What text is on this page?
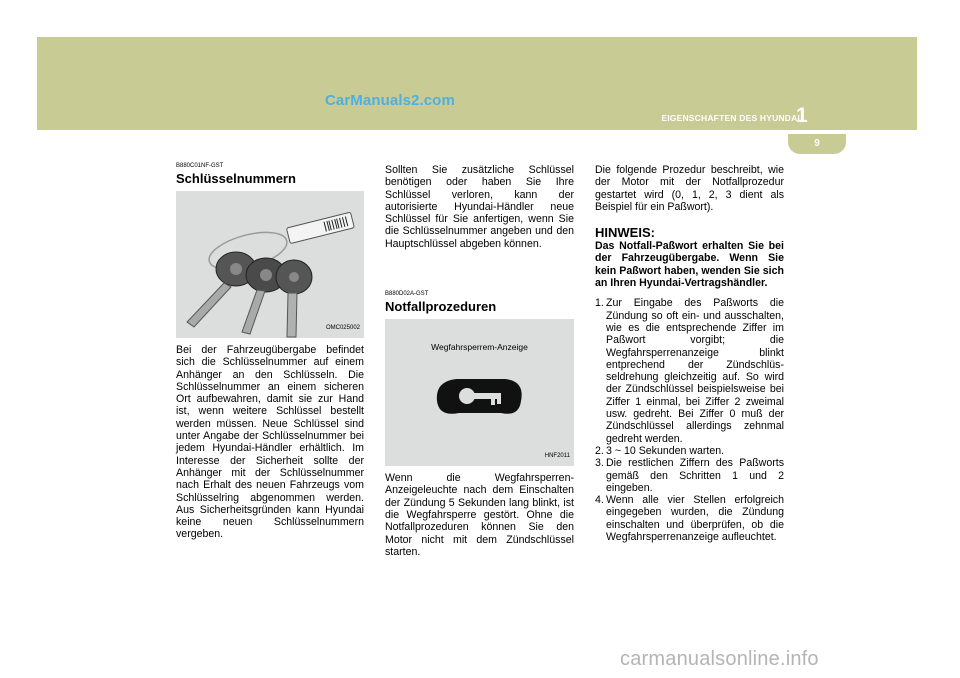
CarManuals2.com
EIGENSCHAFTEN DES HYUNDAI
1
9
B880C01NF-GST
Schlüsselnummern
OMC025002

Bei der Fahrzeugübergabe befindet sich die Schlüsselnummer auf einem Anhänger an den Schlüsseln. Die Schlüsselnummer an einem sicheren Ort aufbewahren, damit sie zur Hand ist, wenn weitere Schlüssel bestellt werden müssen. Neue Schlüssel sind unter Angabe der Schlüsselnummer bei jedem Hyundai-Händler erhältlich. Im Interesse der Sicherheit sollte der Anhänger mit der Schlüsselnummer nach Erhalt des neuen Fahrzeugs vom Schlüsselring abgenommen werden. Aus Sicherheitsgründen kann Hyundai keine neuen Schlüsselnummern vergeben.

Sollten Sie zusätzliche Schlüssel benötigen oder haben Sie Ihre Schlüssel verloren, kann der autorisierte Hyundai-Händler neue Schlüssel für Sie anfertigen, wenn Sie die Schlüsselnummer angeben und den Hauptschlüssel abgeben können.

B880D02A-GST
Notfallprozeduren
Wegfahrsperrem-Anzeige
HNF2011

Wenn die Wegfahrsperren-Anzeigeleuchte nach dem Einschalten der Zündung 5 Sekunden lang blinkt, ist die Wegfahrsperre gestört. Ohne die Notfallprozeduren können Sie den Motor nicht mit dem Zündschlüssel starten.

Die folgende Prozedur beschreibt, wie der Motor mit der Notfallprozedur gestartet wird (0, 1, 2, 3 dient als Beispiel für ein Paßwort).

HINWEIS:

Das Notfall-Paßwort erhalten Sie bei der Fahrzeugübergabe. Wenn Sie kein Paßwort haben, wenden Sie sich an Ihren Hyundai-Vertragshändler.

1. Zur Eingabe des Paßworts die Zündung so oft ein- und ausschalten, wie es die entsprechende Ziffer im Paßwort vorgibt; die Wegfahrsperrenanzeige blinkt entprechend der Zündschlüs-seldrehung gleichzeitig auf. So wird der Zündschlüssel beispielsweise bei Ziffer 1 einmal, bei Ziffer 2 zweimal usw. gedreht. Bei Ziffer 0 muß der Zündschlüssel allerdings zehnmal gedreht werden.
2. 3 ~ 10 Sekunden warten.
3. Die restlichen Ziffern des Paßworts gemäß den Schritten 1 und 2 eingeben.
4. Wenn alle vier Stellen erfolgreich eingegeben wurden, die Zündung einschalten und überprüfen, ob die Wegfahrsperrenanzeige aufleuchtet.
carmanualsonline.info
